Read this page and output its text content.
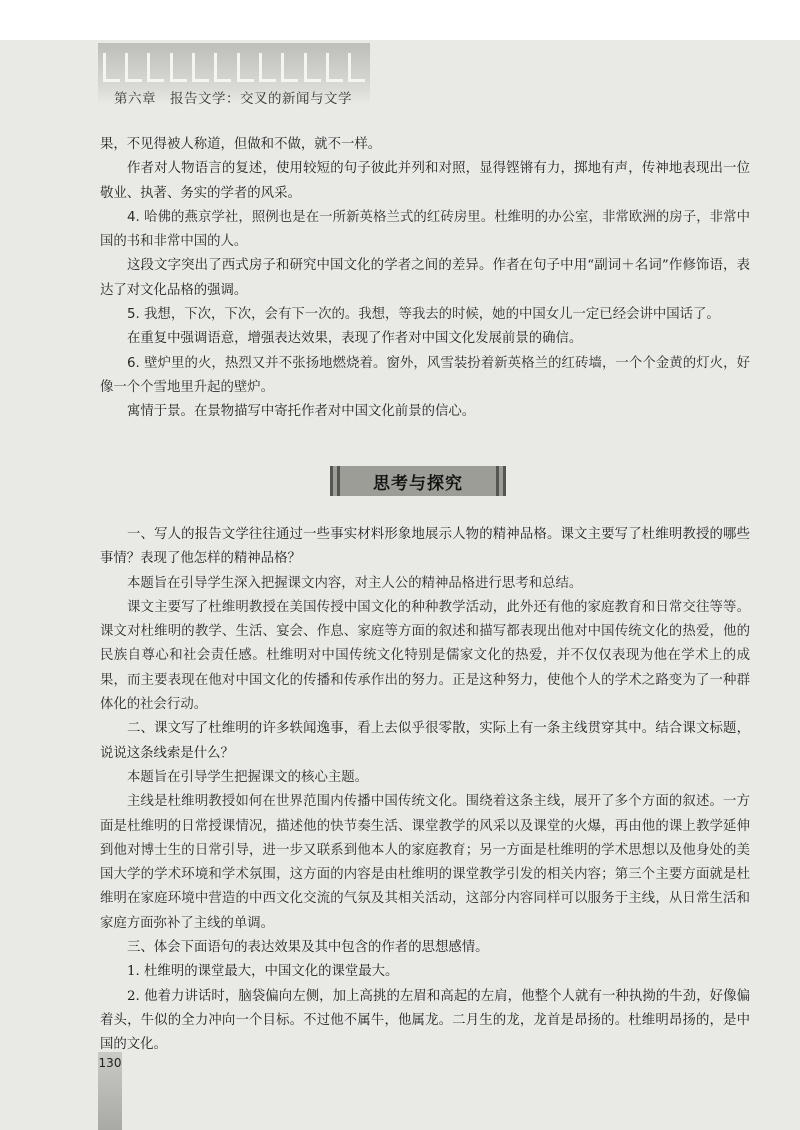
第六章　报告文学：交叉的新闻与文学

果，不见得被人称道，但做和不做，就不一样。

作者对人物语言的复述，使用较短的句子彼此并列和对照，显得铿锵有力，掷地有声，传神地表现出一位敬业、执著、务实的学者的风采。

4. 哈佛的燕京学社，照例也是在一所新英格兰式的红砖房里。杜维明的办公室，非常欧洲的房子，非常中国的书和非常中国的人。

这段文字突出了西式房子和研究中国文化的学者之间的差异。作者在句子中用“副词＋名词”作修饰语，表达了对文化品格的强调。

5. 我想，下次，下次，会有下一次的。我想，等我去的时候，她的中国女儿一定已经会讲中国话了。

在重复中强调语意，增强表达效果，表现了作者对中国文化发展前景的确信。

6. 壁炉里的火，热烈又并不张扬地燃烧着。窗外，风雪装扮着新英格兰的红砖墙，一个个金黄的灯火，好像一个个雪地里升起的壁炉。

寓情于景。在景物描写中寄托作者对中国文化前景的信心。

思考与探究

一、写人的报告文学往往通过一些事实材料形象地展示人物的精神品格。课文主要写了杜维明教授的哪些事情？表现了他怎样的精神品格？

本题旨在引导学生深入把握课文内容，对主人公的精神品格进行思考和总结。

课文主要写了杜维明教授在美国传授中国文化的种种教学活动，此外还有他的家庭教育和日常交往等等。课文对杜维明的教学、生活、宴会、作息、家庭等方面的叙述和描写都表现出他对中国传统文化的热爱，他的民族自尊心和社会责任感。杜维明对中国传统文化特别是儒家文化的热爱，并不仅仅表现为他在学术上的成果，而主要表现在他对中国文化的传播和传承作出的努力。正是这种努力，使他个人的学术之路变为了一种群体化的社会行动。

二、课文写了杜维明的许多轶闻逸事，看上去似乎很零散，实际上有一条主线贯穿其中。结合课文标题，说说这条线索是什么？

本题旨在引导学生把握课文的核心主题。

主线是杜维明教授如何在世界范围内传播中国传统文化。围绕着这条主线，展开了多个方面的叙述。一方面是杜维明的日常授课情况，描述他的快节奏生活、课堂教学的风采以及课堂的火爆，再由他的课上教学延伸到他对博士生的日常引导，进一步又联系到他本人的家庭教育；另一方面是杜维明的学术思想以及他身处的美国大学的学术环境和学术氛围，这方面的内容是由杜维明的课堂教学引发的相关内容；第三个主要方面就是杜维明在家庭环境中营造的中西文化交流的气氛及其相关活动，这部分内容同样可以服务于主线，从日常生活和家庭方面弥补了主线的单调。

三、体会下面语句的表达效果及其中包含的作者的思想感情。

1. 杜维明的课堂最大，中国文化的课堂最大。

2. 他着力讲话时，脑袋偏向左侧，加上高挑的左眉和高起的左肩，他整个人就有一种执拗的牛劲，好像偏着头，牛似的全力冲向一个目标。不过他不属牛，他属龙。二月生的龙，龙首是昂扬的。杜维明昂扬的，是中国的文化。

130
